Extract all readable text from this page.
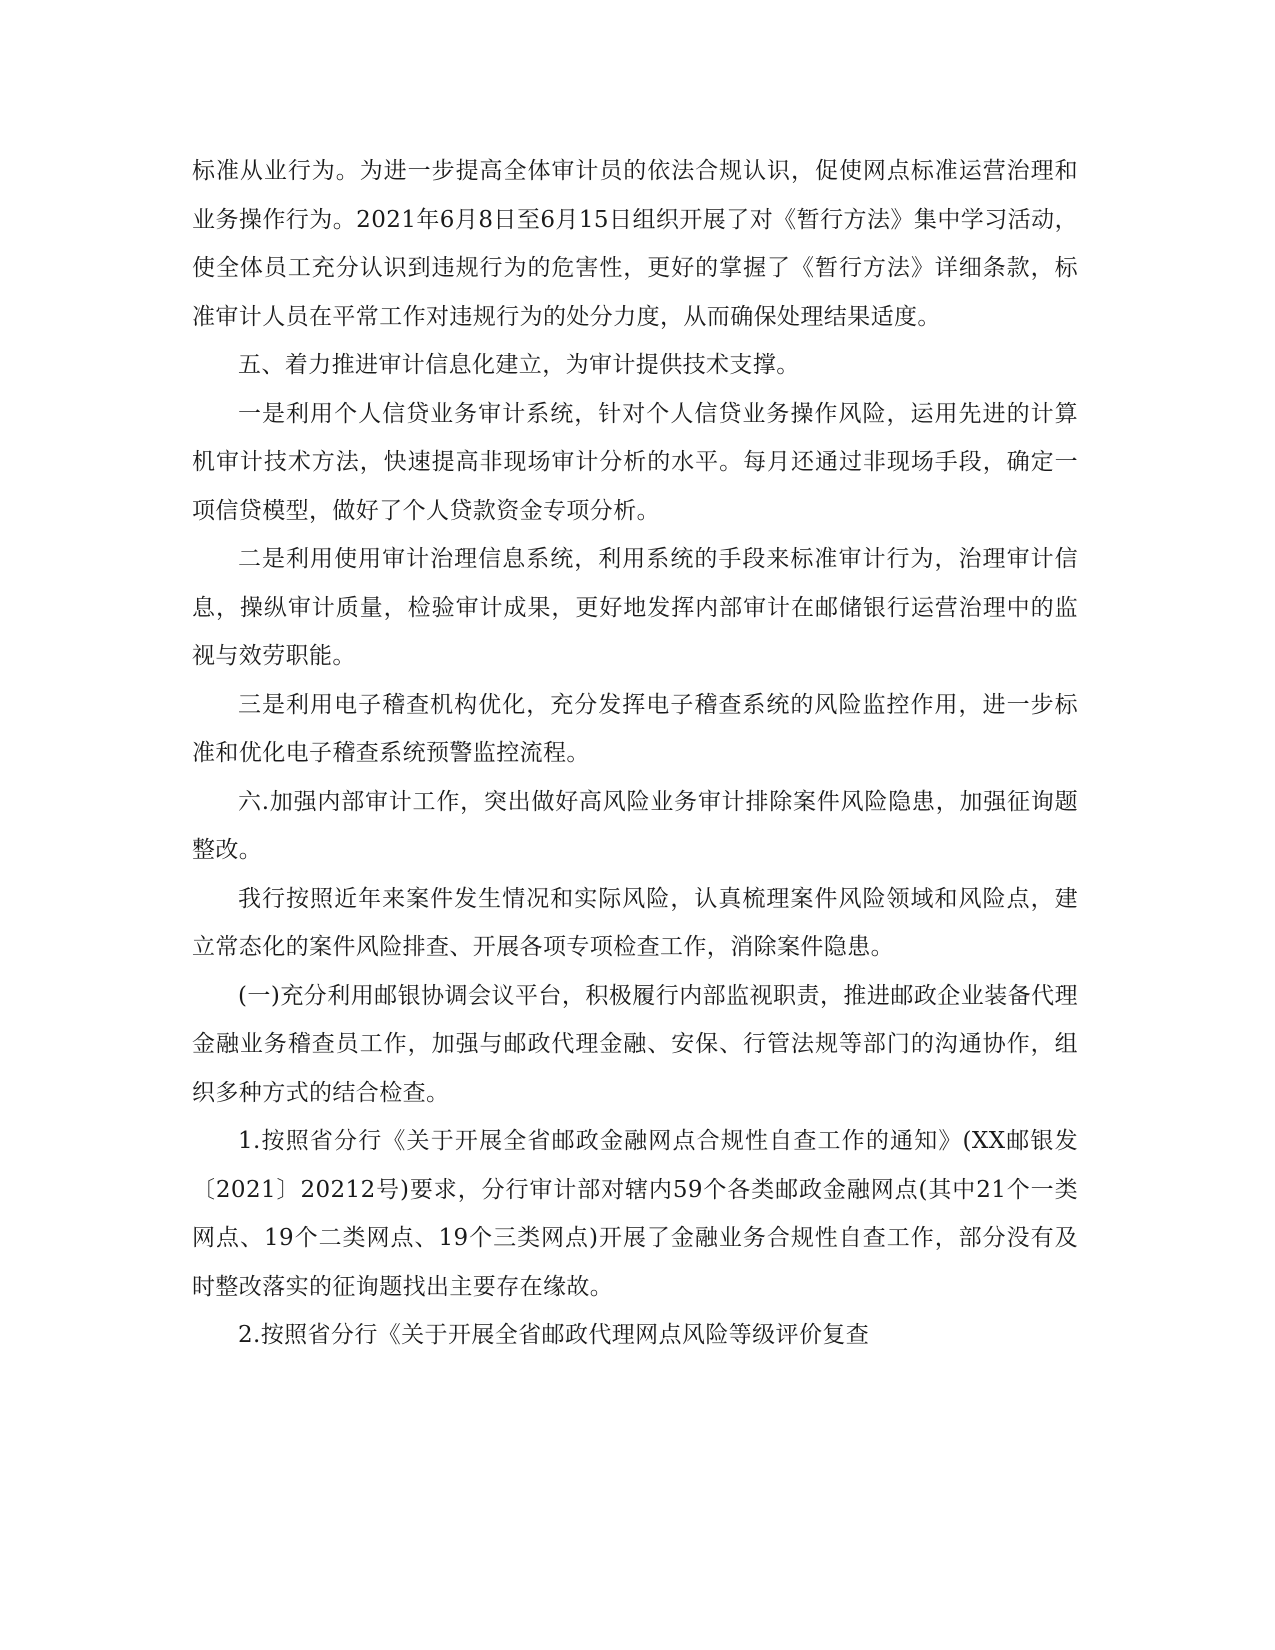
标准从业行为。为进一步提高全体审计员的依法合规认识，促使网点标准运营治理和业务操作行为。2021年6月8日至6月15日组织开展了对《暂行方法》集中学习活动，使全体员工充分认识到违规行为的危害性，更好的掌握了《暂行方法》详细条款，标准审计人员在平常工作对违规行为的处分力度，从而确保处理结果适度。

五、着力推进审计信息化建立，为审计提供技术支撑。

一是利用个人信贷业务审计系统，针对个人信贷业务操作风险，运用先进的计算机审计技术方法，快速提高非现场审计分析的水平。每月还通过非现场手段，确定一项信贷模型，做好了个人贷款资金专项分析。

二是利用使用审计治理信息系统，利用系统的手段来标准审计行为，治理审计信息，操纵审计质量，检验审计成果，更好地发挥内部审计在邮储银行运营治理中的监视与效劳职能。

三是利用电子稽查机构优化，充分发挥电子稽查系统的风险监控作用，进一步标准和优化电子稽查系统预警监控流程。

六.加强内部审计工作，突出做好高风险业务审计排除案件风险隐患，加强征询题整改。

我行按照近年来案件发生情况和实际风险，认真梳理案件风险领域和风险点，建立常态化的案件风险排查、开展各项专项检查工作，消除案件隐患。

(一)充分利用邮银协调会议平台，积极履行内部监视职责，推进邮政企业装备代理金融业务稽查员工作，加强与邮政代理金融、安保、行管法规等部门的沟通协作，组织多种方式的结合检查。

1.按照省分行《关于开展全省邮政金融网点合规性自查工作的通知》(XX邮银发〔2021〕20212号)要求，分行审计部对辖内59个各类邮政金融网点(其中21个一类网点、19个二类网点、19个三类网点)开展了金融业务合规性自查工作，部分没有及时整改落实的征询题找出主要存在缘故。

2.按照省分行《关于开展全省邮政代理网点风险等级评价复查
